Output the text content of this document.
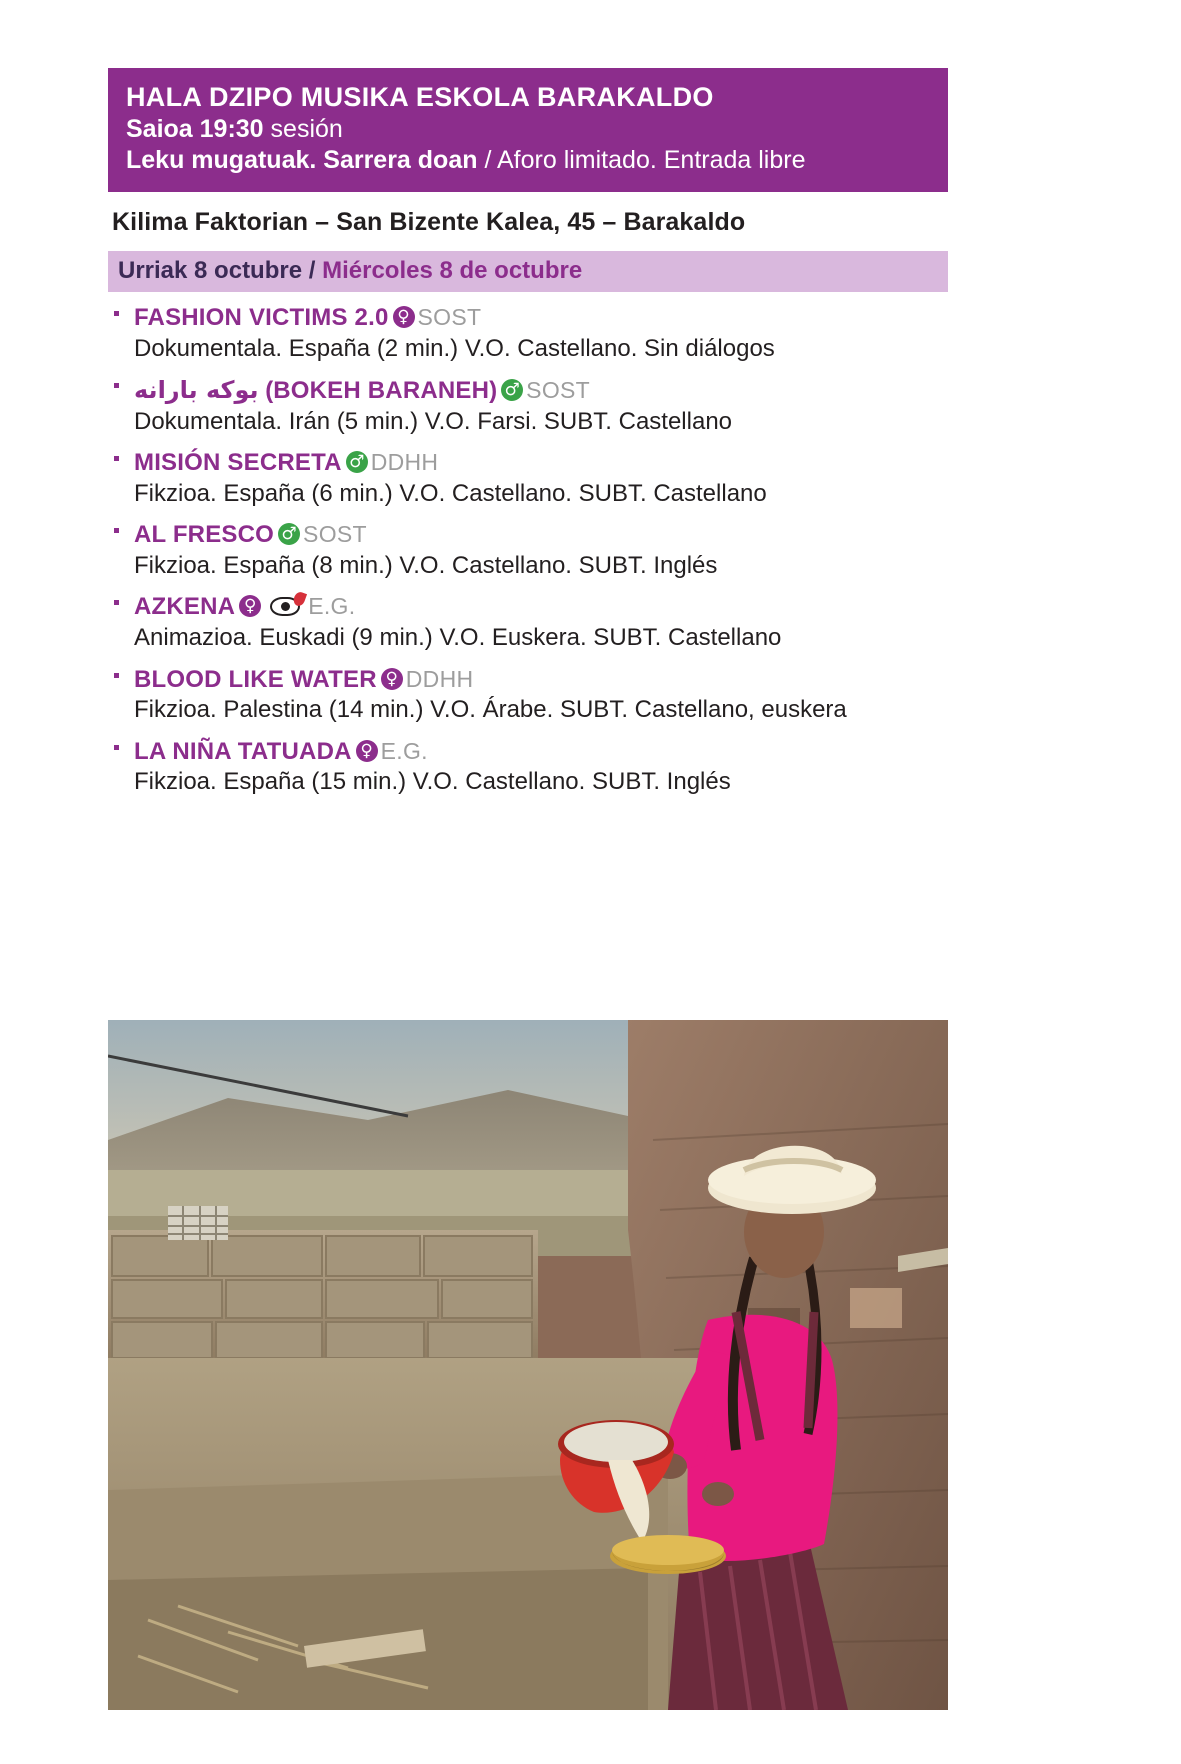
HALA DZIPO MUSIKA ESKOLA BARAKALDO
Saioa 19:30 sesión
Leku mugatuak. Sarrera doan / Aforo limitado. Entrada libre
Kilima Faktorian – San Bizente Kalea, 45 – Barakaldo
Urriak 8 octubre / Miércoles 8 de octubre
FASHION VICTIMS 2.0 ♀ SOST
Dokumentala. España (2 min.) V.O. Castellano. Sin diálogos
بوکه بارانه (BOKEH BARANEH) ♂ SOST
Dokumentala. Irán (5 min.) V.O. Farsi. SUBT. Castellano
MISIÓN SECRETA ♂ DDHH
Fikzioa. España (6 min.) V.O. Castellano. SUBT. Castellano
AL FRESCO ♂ SOST
Fikzioa. España (8 min.) V.O. Castellano. SUBT. Inglés
AZKENA ♀ E.G.
Animazioa. Euskadi (9 min.) V.O. Euskera. SUBT. Castellano
BLOOD LIKE WATER ♀ DDHH
Fikzioa. Palestina (14 min.) V.O. Árabe. SUBT. Castellano, euskera
LA NIÑA TATUADA ♀ E.G.
Fikzioa. España (15 min.) V.O. Castellano. SUBT. Inglés
